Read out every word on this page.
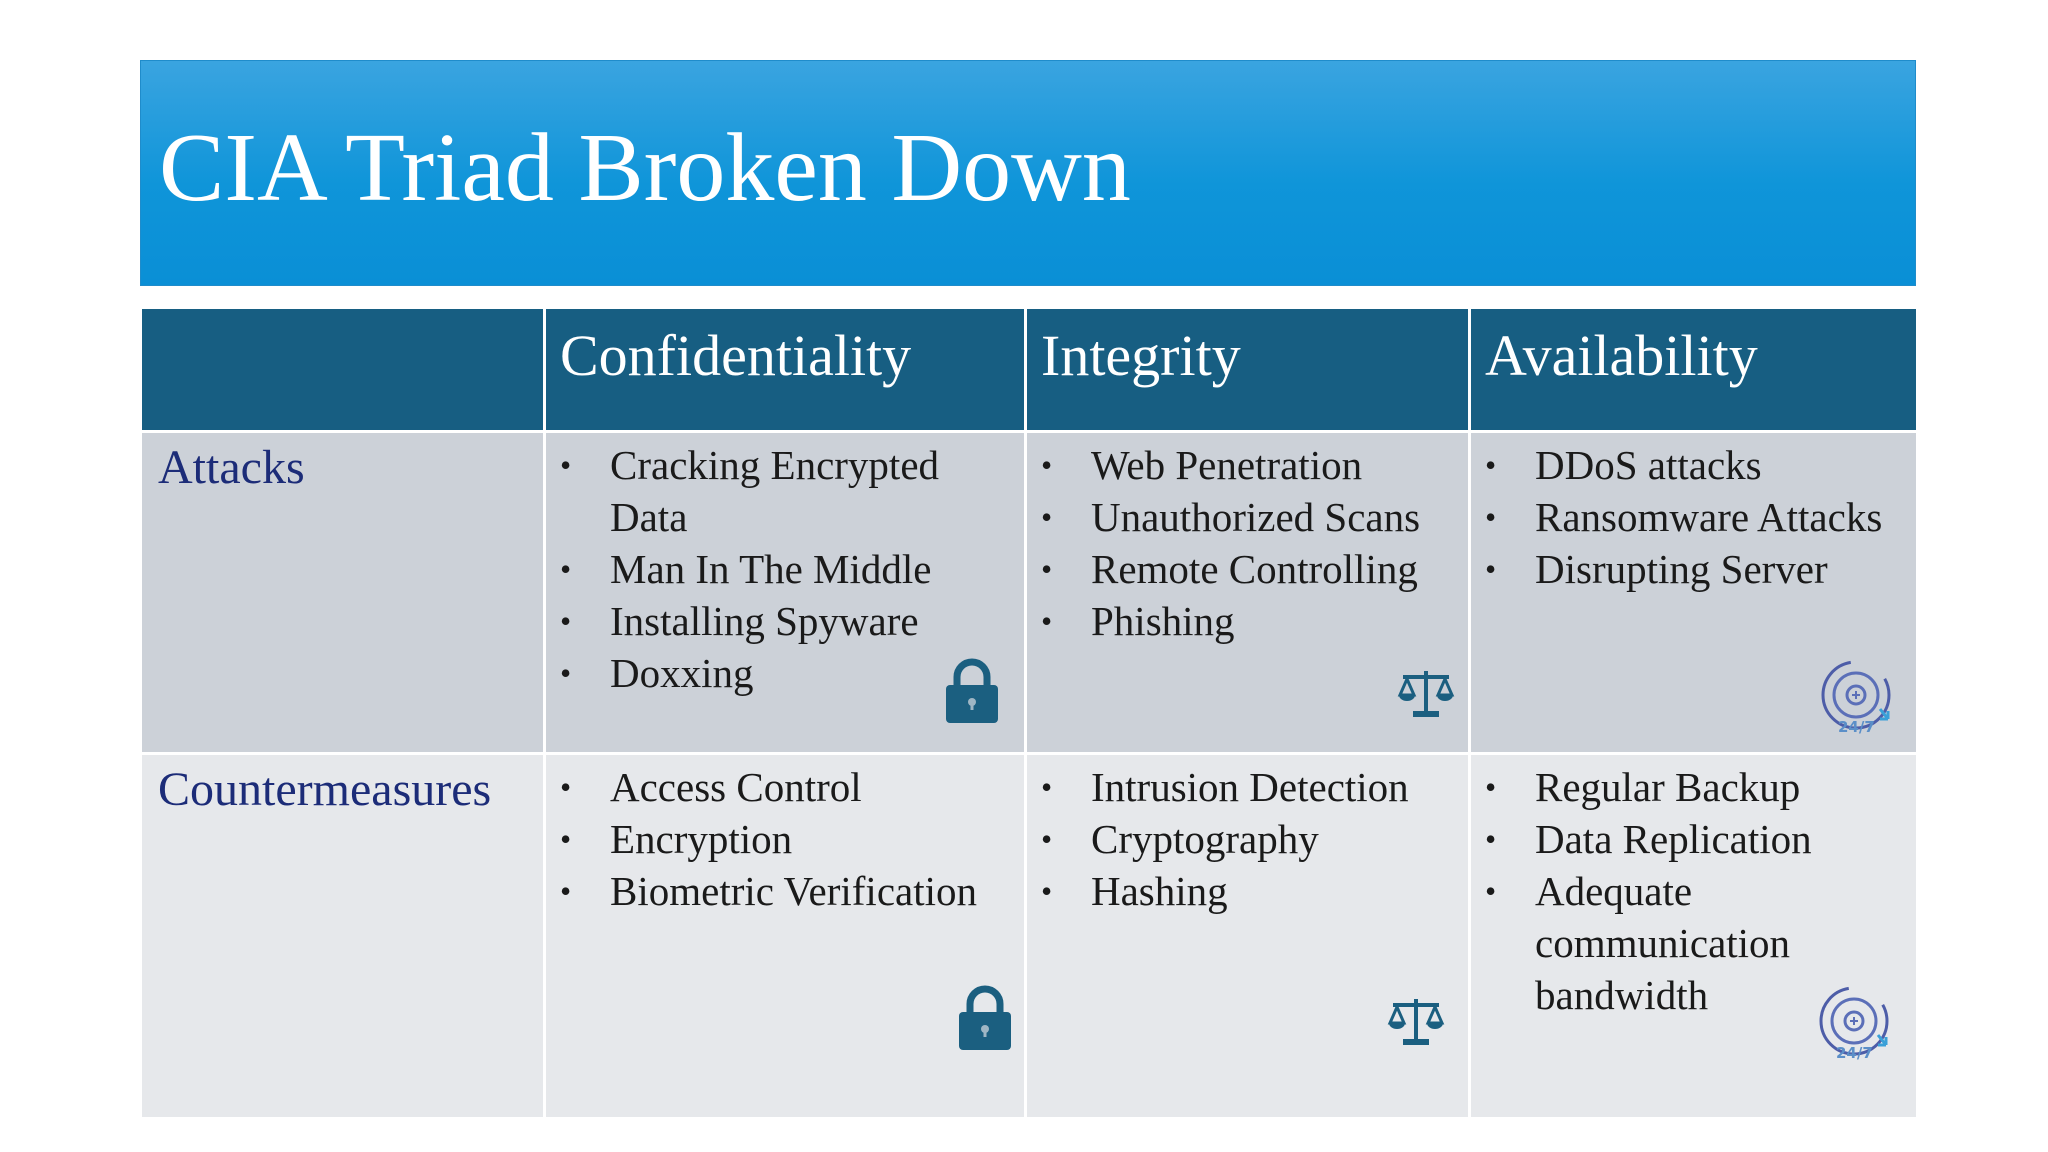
CIA Triad Broken Down
Confidentiality Integrity	Availability
Attacks	• Cracking Encrypted Data
• Man In The Middle
• Installing Spyware
• Doxxing
• Web Penetration
• Unauthorized Scans
• Remote Controlling
• Phishing
• DDoS attacks
• Ransomware Attacks
• Disrupting Server
24/7
Countermeasures • Access Control
• Encryption
• Biometric Verification
• Intrusion Detection
• Cryptography
• Hashing
• Regular Backup
• Data Replication
• Adequate communication bandwidth
24/7
